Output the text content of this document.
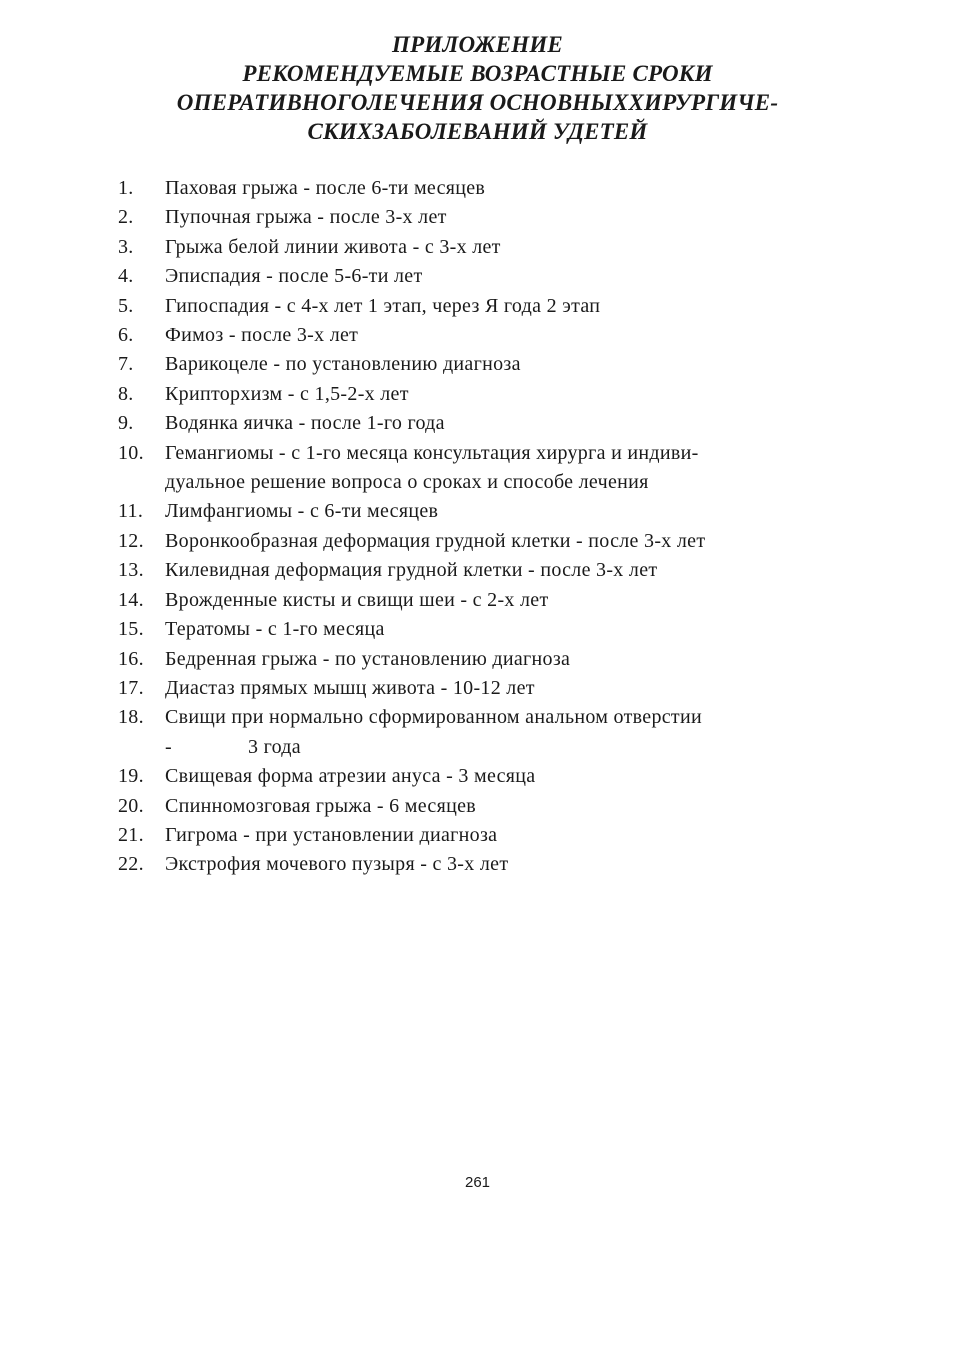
ПРИЛОЖЕНИЕ
РЕКОМЕНДУЕМЫЕ ВОЗРАСТНЫЕ СРОКИ
ОПЕРАТИВНОГОЛЕЧЕНИЯ ОСНОВНЫХХИРУРГИЧЕ-
СКИХЗАБОЛЕВАНИЙ УДЕТЕЙ
1.	Паховая грыжа - после 6-ти месяцев
2.	Пупочная грыжа - после 3-х лет
3.	Грыжа белой линии живота - с 3-х лет
4.	Эписпадия - после 5-6-ти лет
5.	Гипоспадия - с 4-х лет 1 этап, через Я года 2 этап
6.	Фимоз - после 3-х лет
7.	Варикоцеле - по установлению диагноза
8.	Крипторхизм - с 1,5-2-х лет
9.	Водянка яичка - после 1-го года
10.	Гемангиомы - с 1-го месяца консультация хирурга и индиви-
дуальное решение вопроса о сроках и способе лечения
11.	Лимфангиомы - с 6-ти месяцев
12.	Воронкообразная деформация грудной клетки - после 3-х лет
13.	Килевидная деформация грудной клетки - после 3-х лет
14.	Врожденные кисты и свищи шеи - с 2-х лет
15.	Тератомы - с 1-го месяца
16.	Бедренная грыжа - по установлению диагноза
17.	Диастаз прямых мышц живота - 10-12 лет
18.	Свищи при нормально сформированном анальном отверстии
-	3 года
19.	Свищевая форма атрезии ануса - 3 месяца
20.	Спинномозговая грыжа - 6 месяцев
21.	Гигрома - при установлении диагноза
22.	Экстрофия мочевого пузыря - с 3-х лет
261
